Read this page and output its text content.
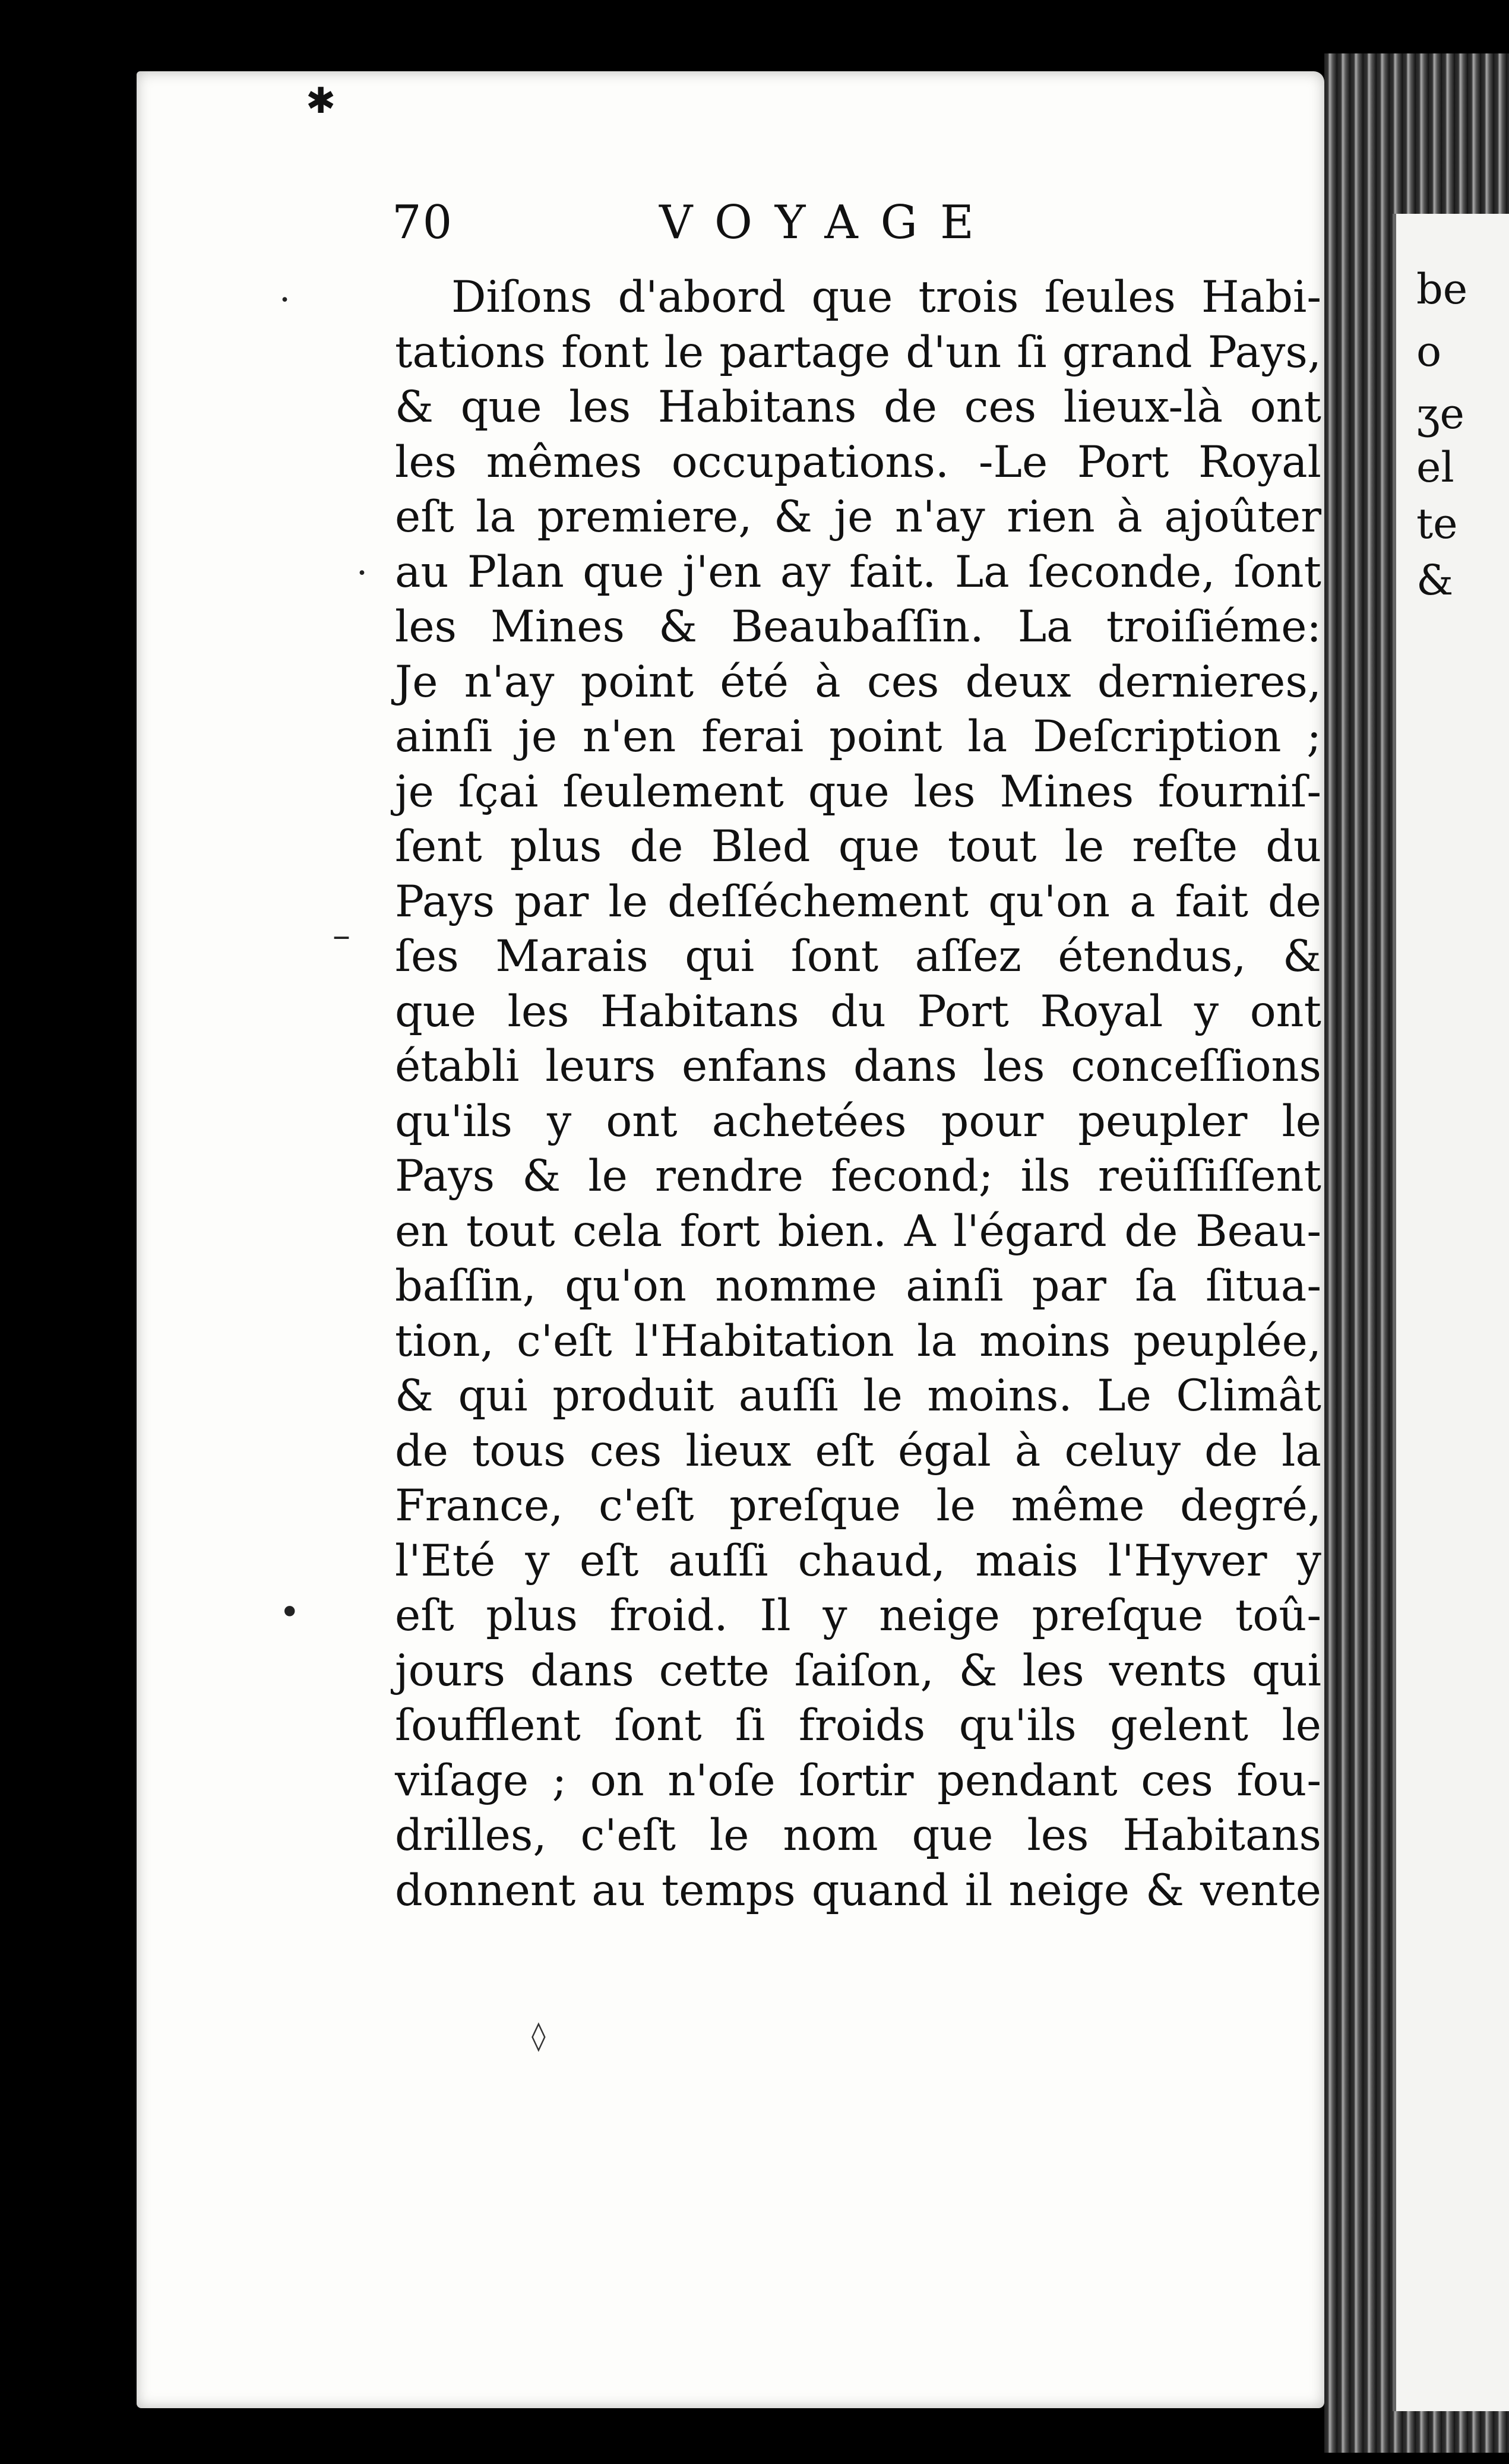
be
o
ʒe
el
te
&
✱
70	VOYAGE
Diſons d'abord que trois ſeules Habi-
tations font le partage d'un ſi grand Pays,
& que les Habitans de ces lieux-là ont
les mêmes occupations. -Le Port Royal
eſt la premiere, & je n'ay rien à ajoûter
au Plan que j'en ay fait. La ſeconde, ſont
les Mines & Beaubaſſin. La troiſiéme:
Je n'ay point été à ces deux dernieres,
ainſi je n'en ferai point la Deſcription ;
je ſçai ſeulement que les Mines fourniſ-
ſent plus de Bled que tout le reſte du
Pays par le deſſéchement qu'on a fait de
ſes Marais qui ſont aſſez étendus, &
que les Habitans du Port Royal y ont
établi leurs enfans dans les conceſſions
qu'ils y ont achetées pour peupler le
Pays & le rendre fecond; ils reüſſiſſent
en tout cela fort bien. A l'égard de Beau-
baſſin, qu'on nomme ainſi par ſa ſitua-
tion, c'eſt l'Habitation la moins peuplée,
& qui produit auſſi le moins. Le Climât
de tous ces lieux eſt égal à celuy de la
France, c'eſt preſque le même degré,
l'Eté y eſt auſſi chaud, mais l'Hyver y
eſt plus froid. Il y neige preſque toû-
jours dans cette ſaiſon, & les vents qui
ſoufflent ſont ſi froids qu'ils gelent le
viſage ; on n'oſe ſortir pendant ces fou-
drilles, c'eſt le nom que les Habitans
donnent au temps quand il neige & vente
·
·
–
•
◊
